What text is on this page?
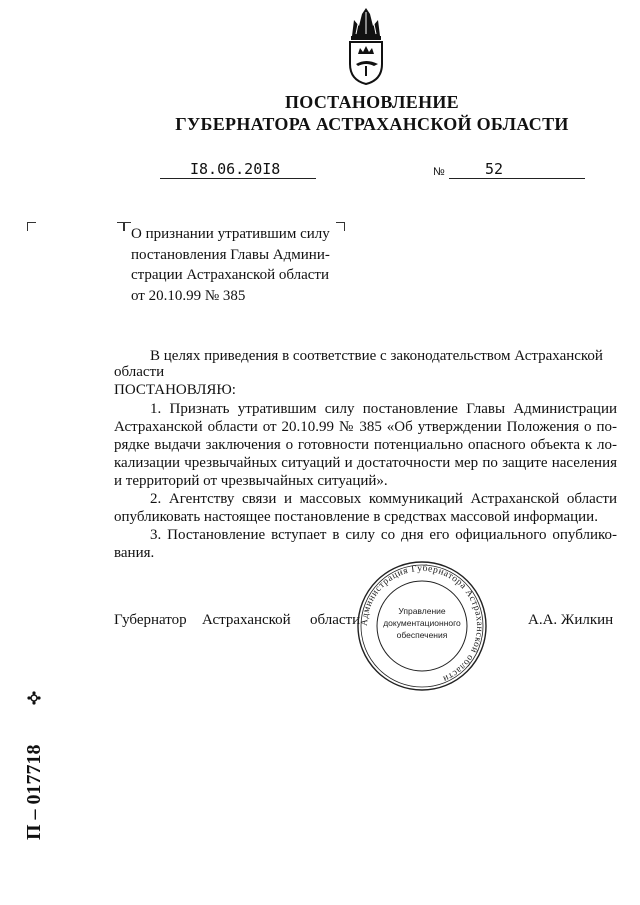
ПОСТАНОВЛЕНИЕ
ГУБЕРНАТОРА АСТРАХАНСКОЙ ОБЛАСТИ
I8.06.20I8	№	52
О признании утратившим силу
постановления Главы Админи-
страции Астраханской области
от 20.10.99 № 385
В целях приведения в соответствие с законодательством Астраханской
области
ПОСТАНОВЛЯЮ:
1. Признать утратившим силу постановление Главы Администрации
Астраханской области от 20.10.99 № 385 «Об утверждении Положения о по-
рядке выдачи заключения о готовности потенциально опасного объекта к ло-
кализации чрезвычайных ситуаций и достаточности мер по защите населения
и территорий от чрезвычайных ситуаций».
2. Агентству связи и массовых коммуникаций Астраханской области
опубликовать настоящее постановление в средствах массовой информации.
3. Постановление вступает в силу со дня его официального опублико-
вания.
Губернатор Астраханской области	А.А. Жилкин
Администрация Губернатора Астраханской области
Управление
документационного
обеспечения
П – 017718
